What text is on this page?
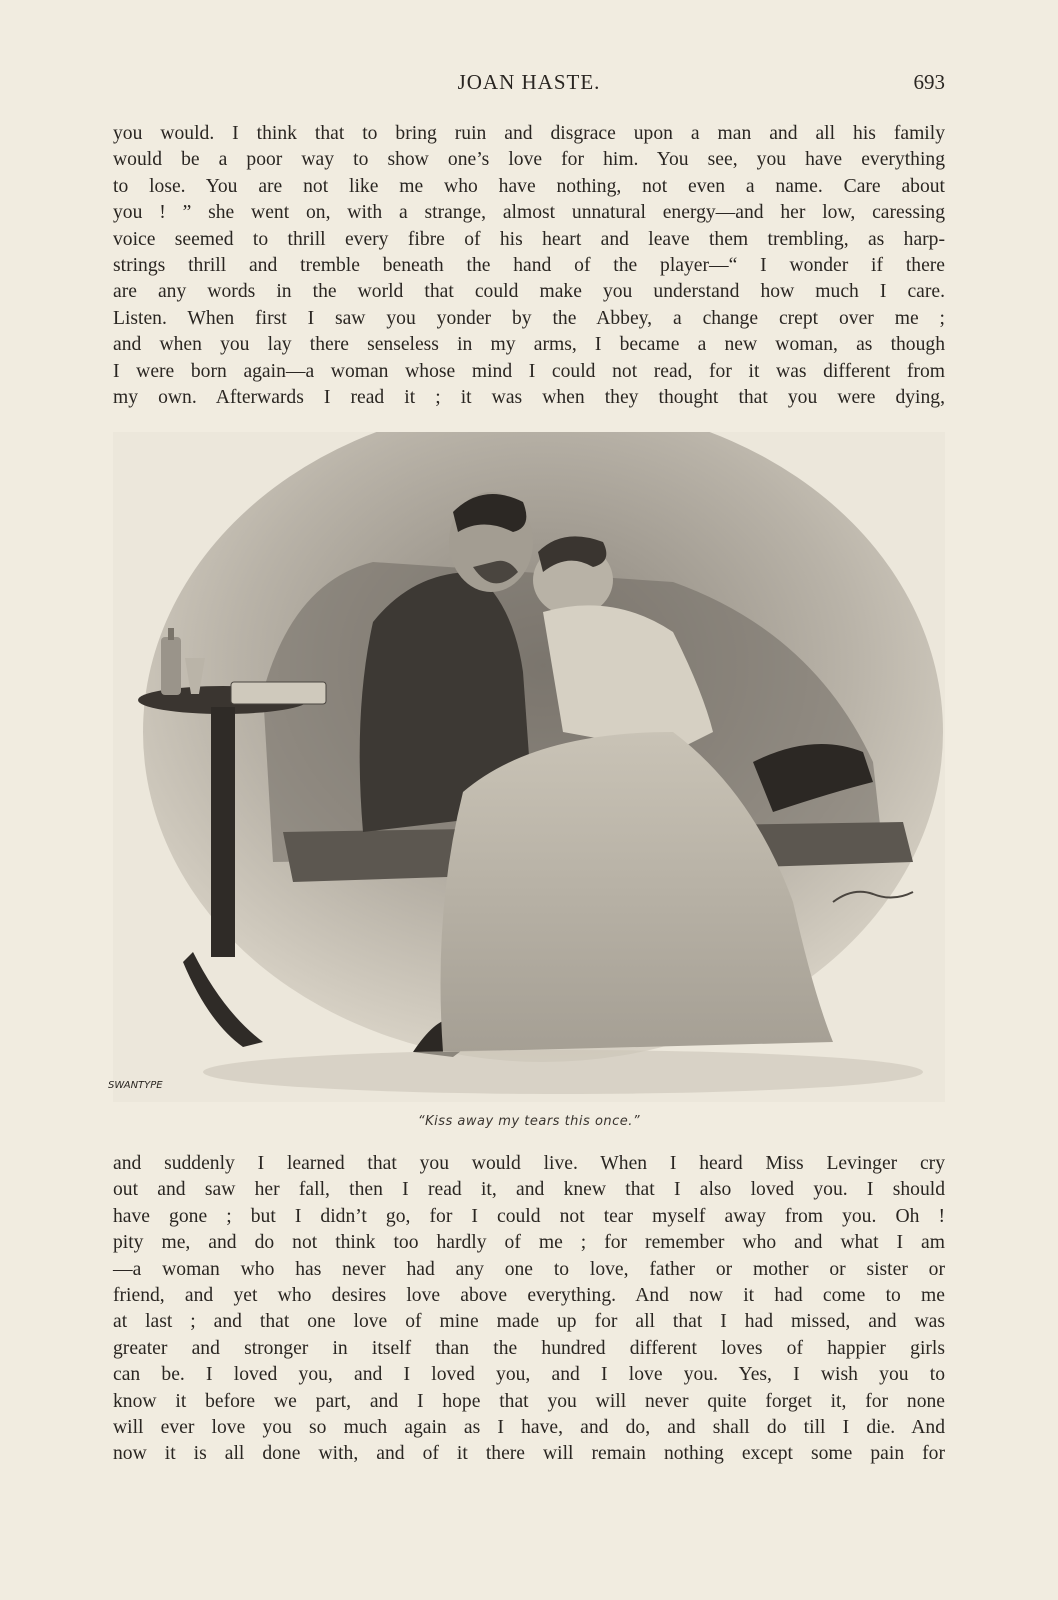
JOAN HASTE.	693
you would. I think that to bring ruin and disgrace upon a man and all his family
would be a poor way to show one’s love for him. You see, you have everything
to lose. You are not like me who have nothing, not even a name. Care about
you ! ” she went on, with a strange, almost unnatural energy—and her low, caressing
voice seemed to thrill every fibre of his heart and leave them trembling, as harp-
strings thrill and tremble beneath the hand of the player—“ I wonder if there
are any words in the world that could make you understand how much I care.
Listen. When first I saw you yonder by the Abbey, a change crept over me ;
and when you lay there senseless in my arms, I became a new woman, as though
I were born again—a woman whose mind I could not read, for it was different from
my own. Afterwards I read it ; it was when they thought that you were dying,
SWANTYPE
“Kiss away my tears this once.”
and suddenly I learned that you would live. When I heard Miss Levinger cry
out and saw her fall, then I read it, and knew that I also loved you. I should
have gone ; but I didn’t go, for I could not tear myself away from you. Oh !
pity me, and do not think too hardly of me ; for remember who and what I am
—a woman who has never had any one to love, father or mother or sister or
friend, and yet who desires love above everything. And now it had come to me
at last ; and that one love of mine made up for all that I had missed, and was
greater and stronger in itself than the hundred different loves of happier girls
can be. I loved you, and I loved you, and I love you. Yes, I wish you to
know it before we part, and I hope that you will never quite forget it, for none
will ever love you so much again as I have, and do, and shall do till I die. And
now it is all done with, and of it there will remain nothing except some pain for
